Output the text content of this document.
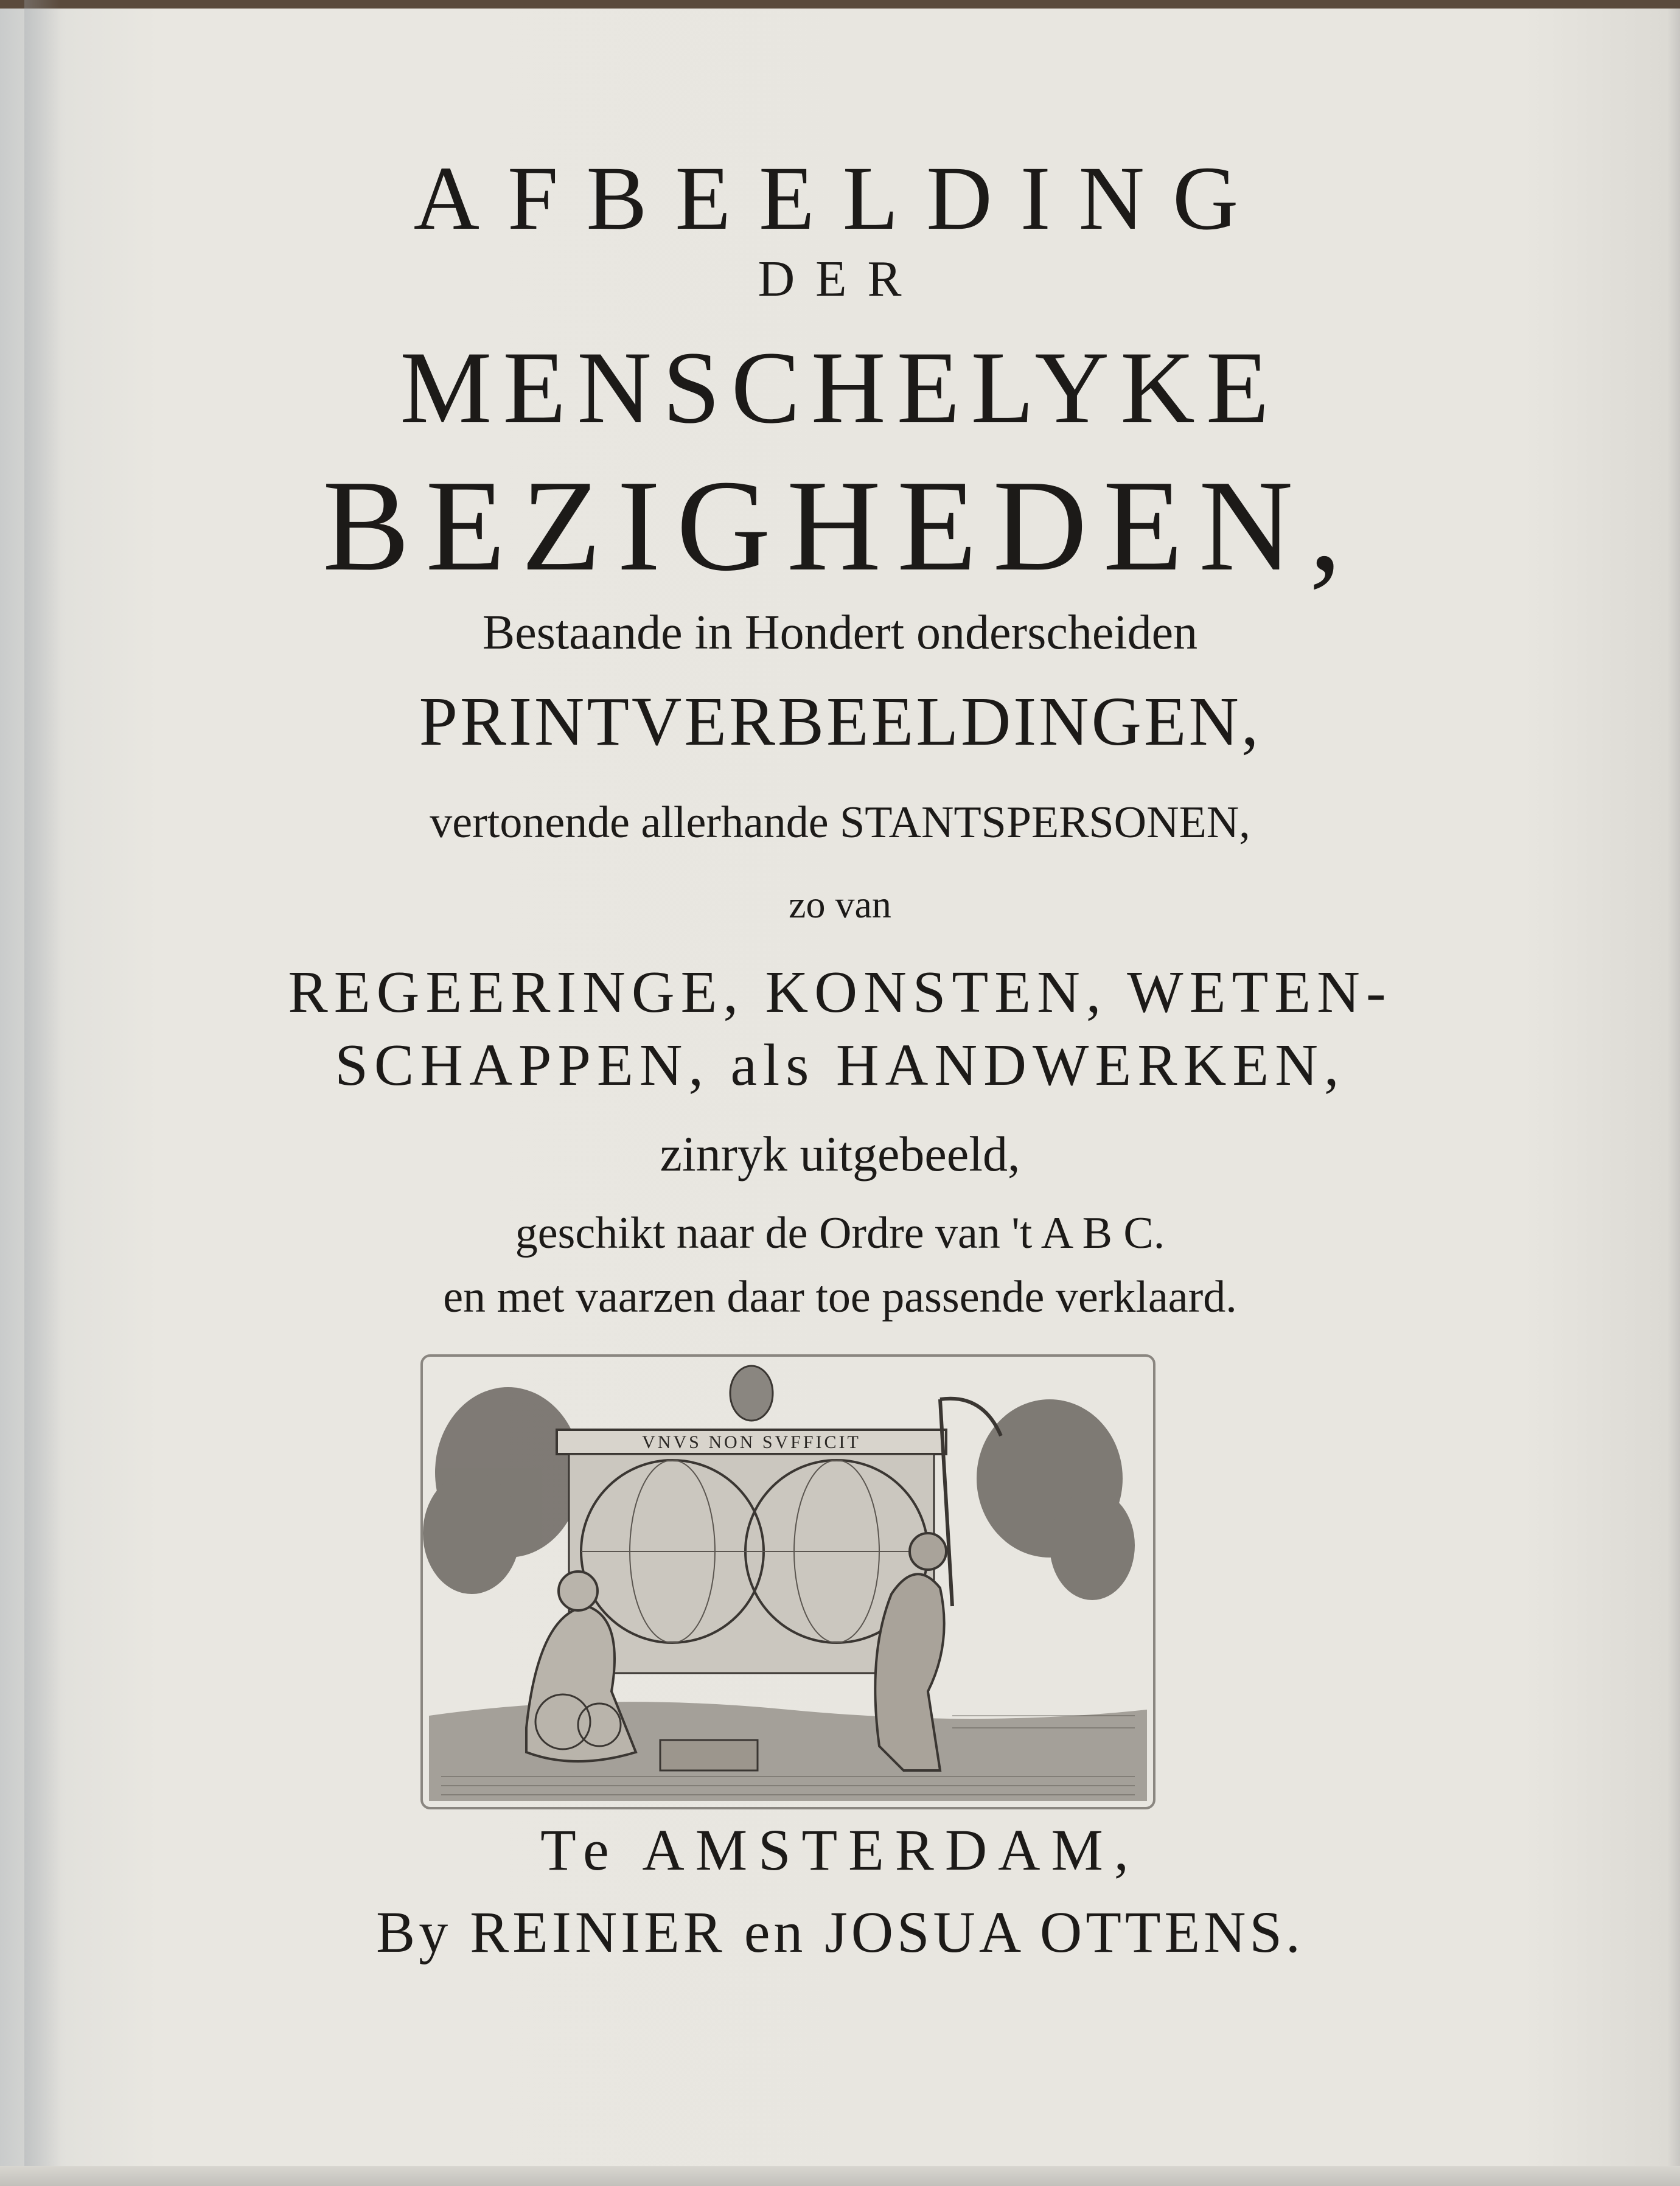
AFBEELDING

DER

MENSCHELYKE

BEZIGHEDEN,

Bestaande in Hondert onderscheiden

PRINTVERBEELDINGEN,

vertonende allerhande STANTSPERSONEN,

zo van

REGEERINGE, KONSTEN, WETEN-

SCHAPPEN, als HANDWERKEN,

zinryk uitgebeeld,

geschikt naar de Ordre van 't A B C.

en met vaarzen daar toe passende verklaard.

VNVS NON SVFFICIT

Te AMSTERDAM,

By REINIER en JOSUA OTTENS.
